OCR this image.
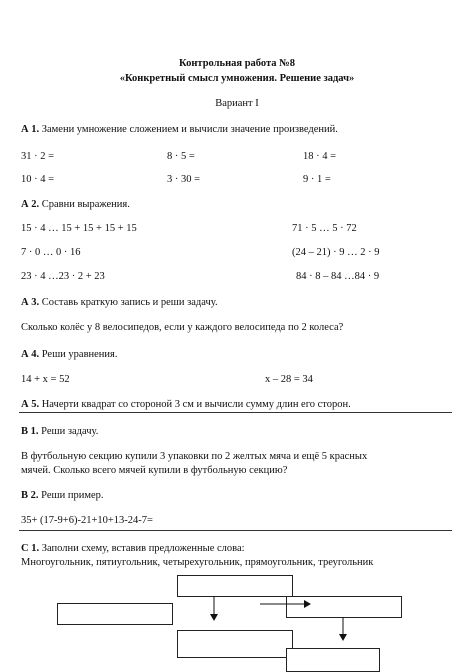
Контрольная работа №8
«Конкретный смысл умножения. Решение задач»
Вариант I
А 1. Замени умножение сложением и вычисли значение произведений.
31 · 2 =	8 · 5 =	18 · 4 =
10 · 4 =	3 · 30 =	9 · 1 =
А 2. Сравни выражения.
15 · 4 … 15 + 15 + 15 + 15	71 · 5 … 5 · 72
7 · 0 … 0 · 16	(24 – 21) · 9 … 2 · 9
23 · 4 …23 · 2 + 23	84 · 8 – 84 …84 · 9
А 3. Составь краткую запись и реши задачу.
Сколько колёс у 8 велосипедов, если у каждого велосипеда по 2 колеса?
А 4. Реши уравнения.
14 + х = 52	х – 28 = 34
А 5. Начерти квадрат со стороной 3 см и вычисли сумму длин его сторон.
В 1. Реши задачу.
В футбольную секцию купили 3 упаковки по 2 желтых мяча и ещё 5 красных
мячей. Сколько всего мячей купили в футбольную секцию?
В 2. Реши пример.
35+ (17-9+6)-21+10+13-24-7=
С 1. Заполни схему, вставив предложенные слова:
Многоугольник, пятиугольник, четырехугольник, прямоугольник, треугольник
